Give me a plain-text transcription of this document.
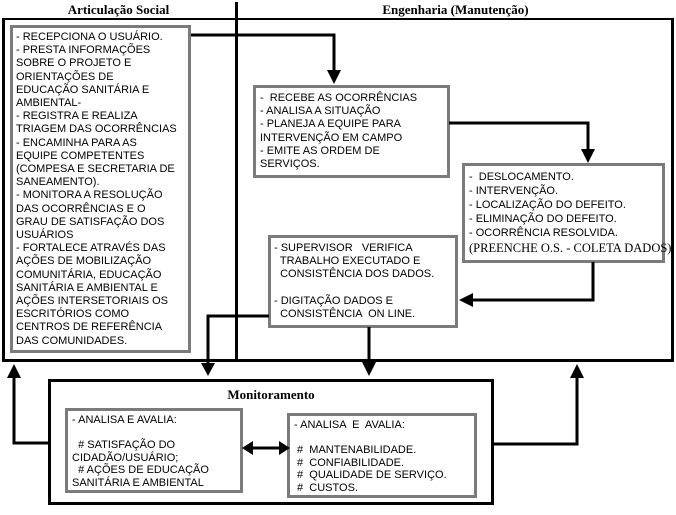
Articulação Social	Engenharia (Manutenção)
- RECEPCIONA O USUÁRIO.
- PRESTA INFORMAÇÕES
SOBRE O PROJETO E
ORIENTAÇÕES DE
EDUCAÇÃO SANITÁRIA E
AMBIENTAL-
- REGISTRA E REALIZA
TRIAGEM DAS OCORRÊNCIAS
- ENCAMINHA PARA AS
EQUIPE COMPETENTES
(COMPESA E SECRETARIA DE
SANEAMENTO).
- MONITORA A RESOLUÇÃO
DAS OCORRÊNCIAS E O
GRAU DE SATISFAÇÃO DOS
USUÁRIOS
- FORTALECE ATRAVÉS DAS
AÇÕES DE MOBILIZAÇÃO
COMUNITÁRIA, EDUCAÇÃO
SANITÁRIA E AMBIENTAL E
AÇÕES INTERSETORIAIS OS
ESCRITÓRIOS COMO
CENTROS DE REFERÊNCIA
DAS COMUNIDADES.
-  RECEBE AS OCORRÊNCIAS
- ANALISA A SITUAÇÃO
- PLANEJA A EQUIPE PARA
INTERVENÇÃO EM CAMPO
- EMITE AS ORDEM DE
SERVIÇOS.
-  DESLOCAMENTO.
- INTERVENÇÃO.
- LOCALIZAÇÃO DO DEFEITO.
- ELIMINAÇÃO DO DEFEITO.
- OCORRÊNCIA RESOLVIDA.
(PREENCHE O.S. - COLETA DADOS)
- SUPERVISOR   VERIFICA
TRABALHO EXECUTADO E
CONSISTÊNCIA DOS DADOS.
- DIGITAÇÃO DADOS E
CONSISTÊNCIA  ON LINE.
Monitoramento
- ANALISA E AVALIA:
# SATISFAÇÃO DO
CIDADÃO/USUÁRIO;
# AÇÕES DE EDUCAÇÃO
SANITÁRIA E AMBIENTAL
- ANALISA  E  AVALIA:
#  MANTENABILIDADE.
#  CONFIABILIDADE.
#  QUALIDADE DE SERVIÇO.
#  CUSTOS.
